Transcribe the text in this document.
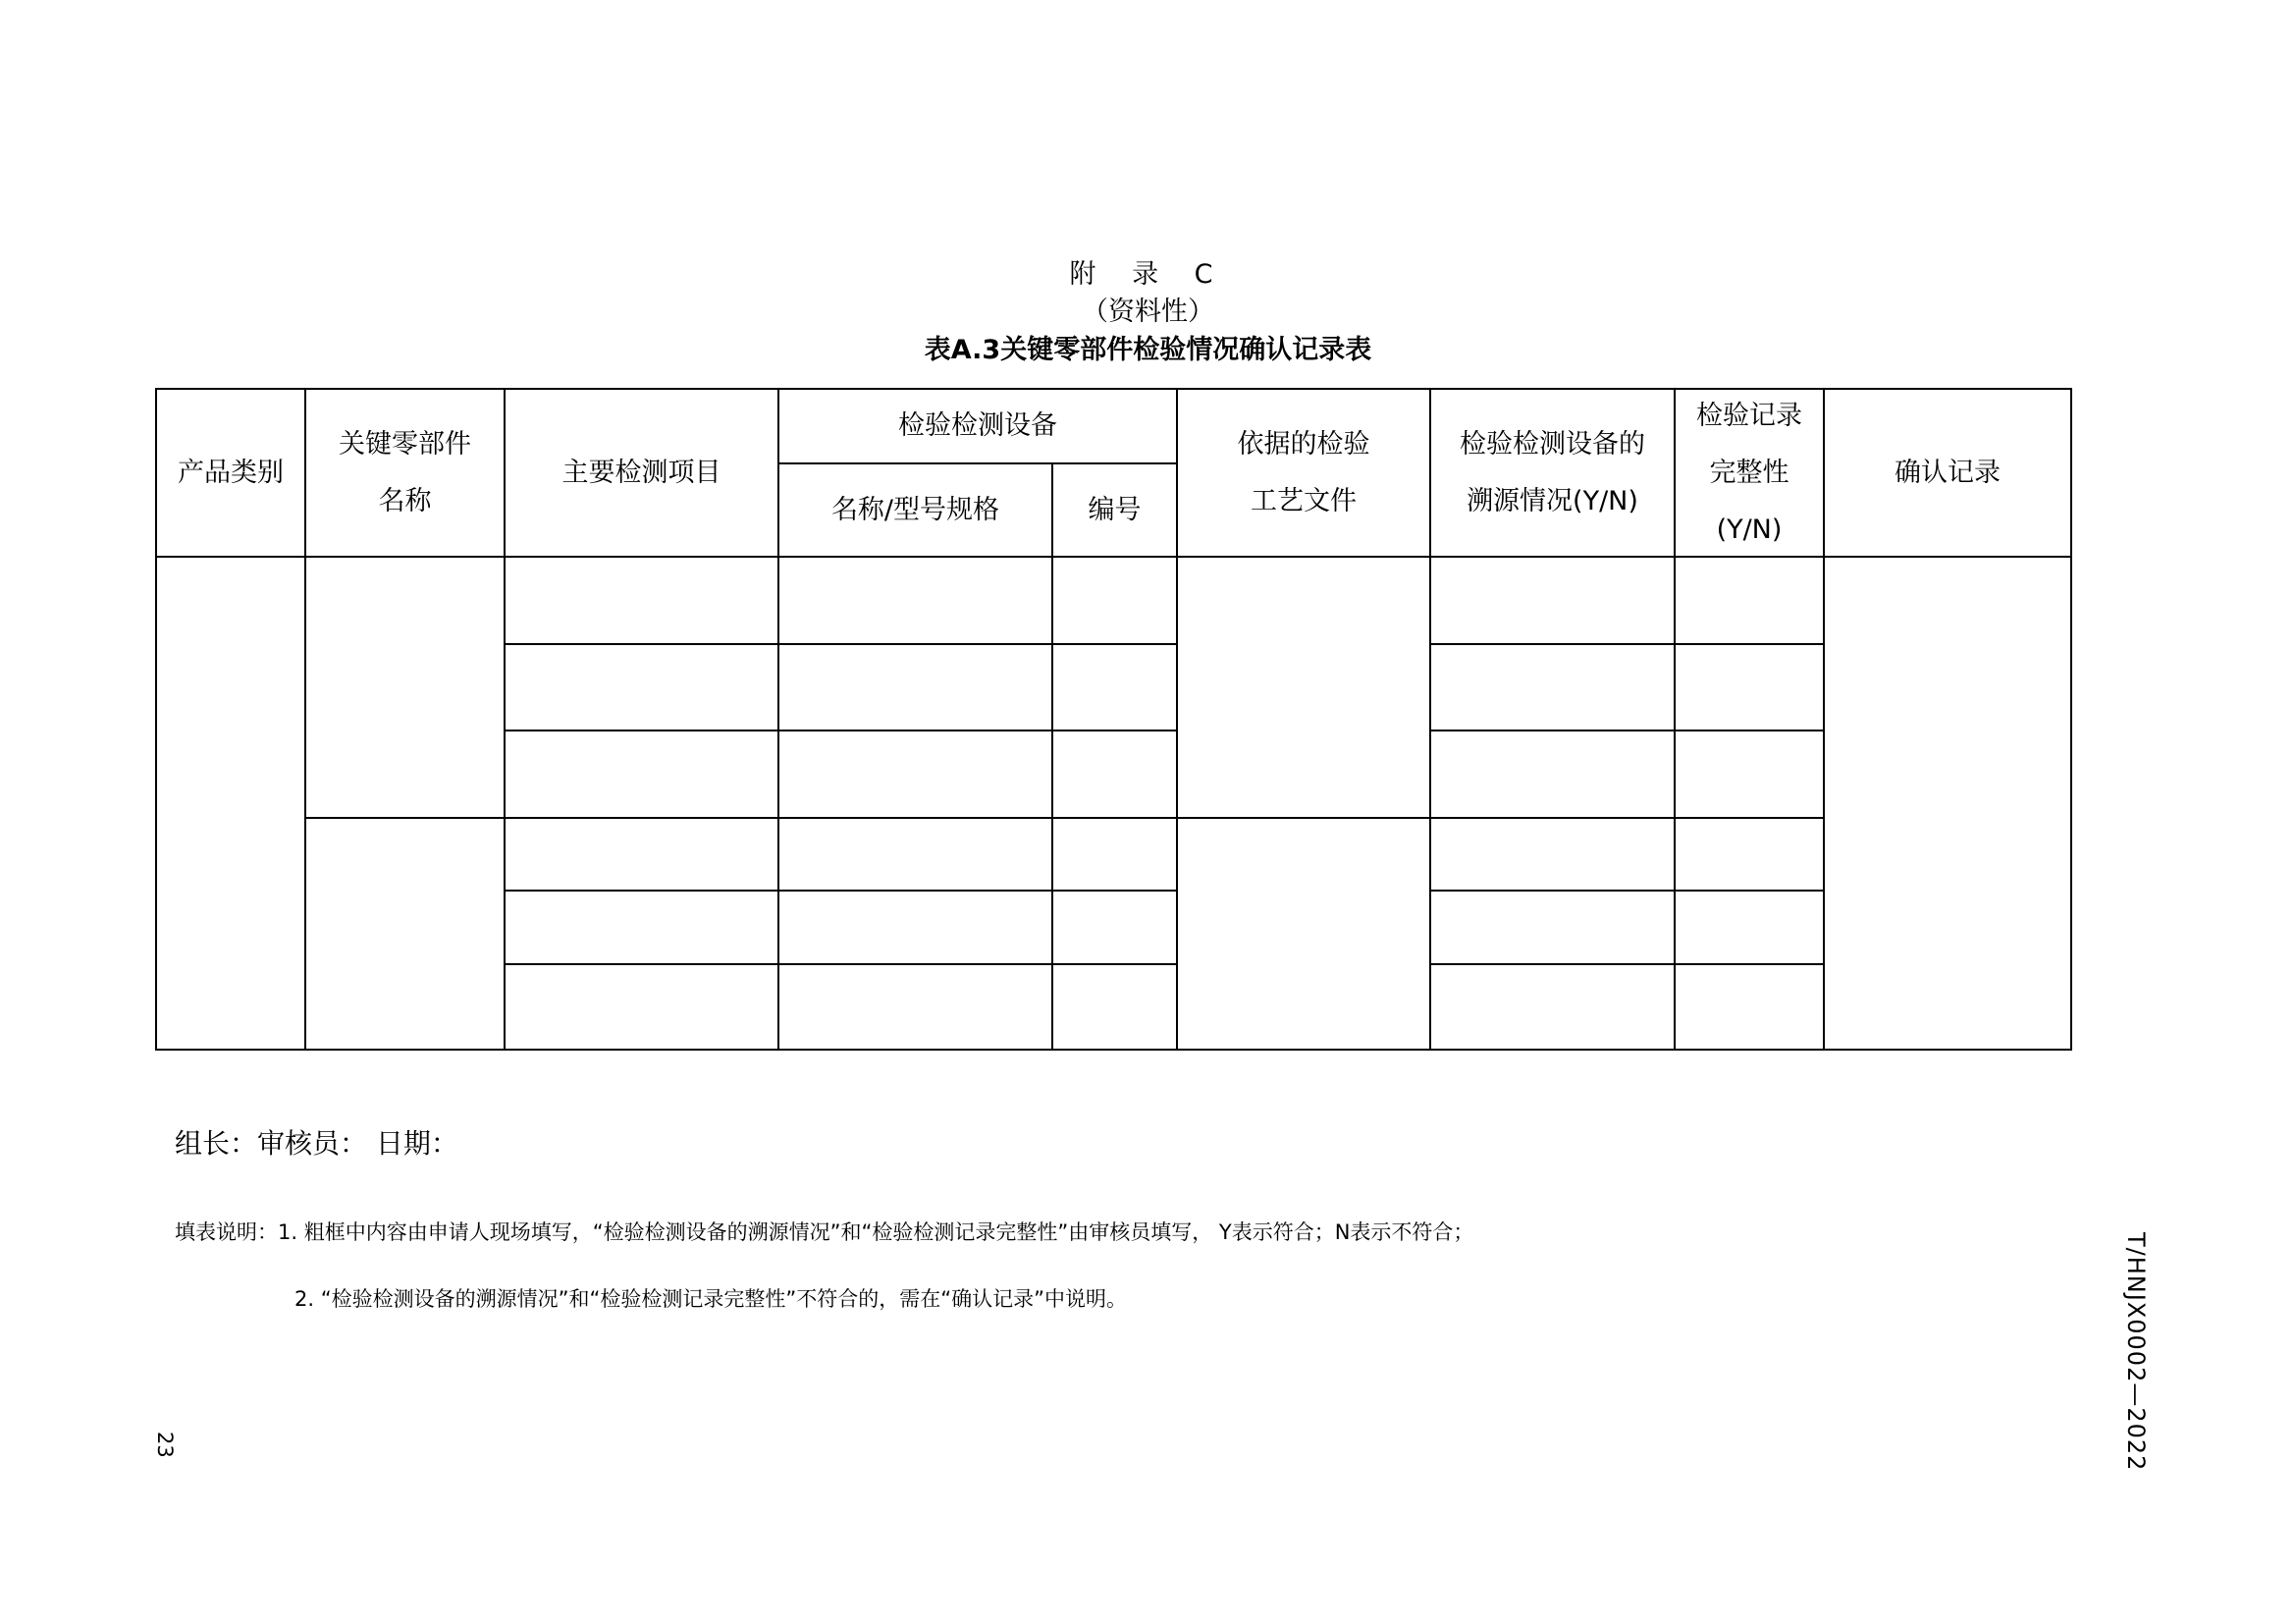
附 录 C
（资料性）
表A.3关键零部件检验情况确认记录表
产品类别
关键零部件名称
主要检测项目
检验检测设备
名称/型号规格	编号
依据的检验工艺文件
检验检测设备的溯源情况(Y/N)
检验记录完整性(Y/N)
确认记录
组长：审核员： 日期：
填表说明：1. 粗框中内容由申请人现场填写，“检验检测设备的溯源情况”和“检验检测记录完整性”由审核员填写， Y表示符合；N表示不符合；
2. “检验检测设备的溯源情况”和“检验检测记录完整性”不符合的，需在“确认记录”中说明。
23	T/HNJX0002—2022
